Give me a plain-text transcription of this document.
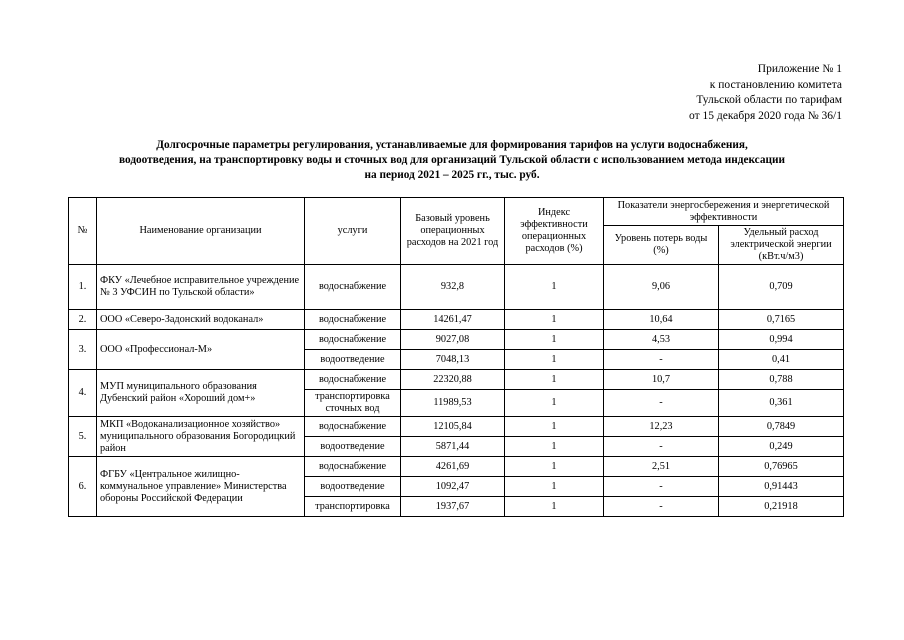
Приложение № 1
к постановлению комитета
Тульской области по тарифам
от 15 декабря 2020 года № 36/1
Долгосрочные параметры регулирования, устанавливаемые для формирования тарифов на услуги водоснабжения,
водоотведения, на транспортировку воды и сточных вод для организаций Тульской области с использованием метода индексации
на период 2021 – 2025 гг., тыс. руб.
№	Наименование организации	услуги	Базовый уровень операционных расходов на 2021 год	Индекс эффективности операционных расходов (%)	Показатели энергосбережения и энергетической эффективности	
					Уровень потерь воды (%)	Удельный расход электрической энергии (кВт.ч/м3)
1.	ФКУ «Лечебное исправительное учреждение № 3 УФСИН по Тульской области»	водоснабжение	932,8	1	9,06	0,709
2.	ООО «Северо-Задонский водоканал»	водоснабжение	14261,47	1	10,64	0,7165
3.	ООО «Профессионал-М»	водоснабжение	9027,08	1	4,53	0,994
		водоотведение	7048,13	1	-	0,41
4.	МУП муниципального образования Дубенский район «Хороший дом+»	водоснабжение	22320,88	1	10,7	0,788
		транспортировка сточных вод	11989,53	1	-	0,361
5.	МКП «Водоканализационное хозяйство» муниципального образования Богородицкий район	водоснабжение	12105,84	1	12,23	0,7849
		водоотведение	5871,44	1	-	0,249
6.	ФГБУ «Центральное жилищно-коммунальное управление» Министерства обороны Российской Федерации	водоснабжение	4261,69	1	2,51	0,76965
		водоотведение	1092,47	1	-	0,91443
		транспортировка	1937,67	1	-	0,21918
